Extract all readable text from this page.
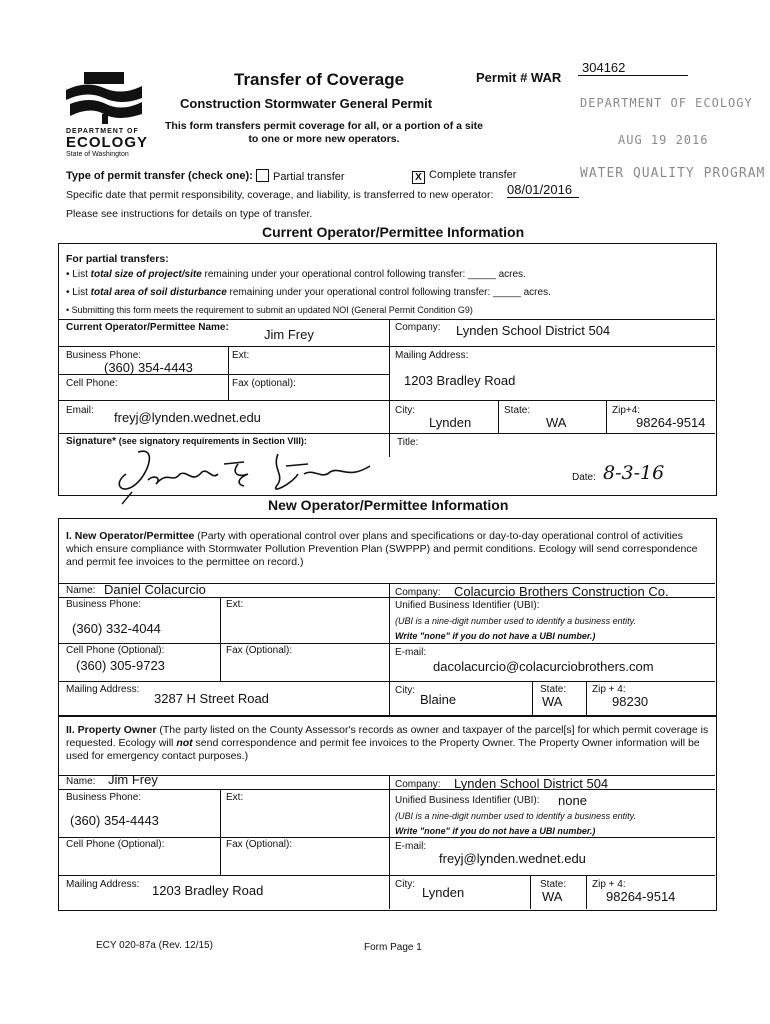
DEPARTMENT OF
ECOLOGY
State of Washington
Transfer of Coverage	Permit # WAR
304162
Construction Stormwater General Permit
This form transfers permit coverage for all, or a portion of a site to one or more new operators.
DEPARTMENT OF ECOLOGY
AUG 19 2016
WATER QUALITY PROGRAM
Type of permit transfer (check one):	Partial transfer	X Complete transfer
Specific date that permit responsibility, coverage, and liability, is transferred to new operator: 08/01/2016
Please see instructions for details on type of transfer.
Current Operator/Permittee Information
For partial transfers:
• List total size of project/site remaining under your operational control following transfer: _____ acres.
• List total area of soil disturbance remaining under your operational control following transfer: _____ acres.
• Submitting this form meets the requirement to submit an updated NOI (General Permit Condition G9)
Current Operator/Permittee Name:	Jim Frey	Company: Lynden School District 504
Business Phone:
(360) 354-4443
Ext:	Mailing Address:
1203 Bradley Road
Cell Phone:	Fax (optional):
Email: freyj@lynden.wednet.edu	City:
Lynden
State:
WA
Zip+4:
98264-9514
Signature* (see signatory requirements in Section VIII):	Title:
Date: 8-3-16
New Operator/Permittee Information
I. New Operator/Permittee (Party with operational control over plans and specifications or day-to-day operational control of activities which ensure compliance with Stormwater Pollution Prevention Plan (SWPPP) and permit conditions. Ecology will send correspondence and permit fee invoices to the permittee on record.)
Name: Daniel Colacurcio	Company: Colacurcio Brothers Construction Co.
Business Phone:
(360) 332-4044
Ext:	Unified Business Identifier (UBI):
(UBI is a nine-digit number used to identify a business entity.
Write "none" if you do not have a UBI number.)
Cell Phone (Optional):
(360) 305-9723
Fax (Optional):	E-mail:
dacolacurcio@colacurciobrothers.com
Mailing Address:
3287 H Street Road
City:
Blaine
State:
WA
Zip + 4:
98230
II. Property Owner (The party listed on the County Assessor's records as owner and taxpayer of the parcel[s] for which permit coverage is requested. Ecology will not send correspondence and permit fee invoices to the Property Owner. The Property Owner information will be used for emergency contact purposes.)
Name: Jim Frey	Company: Lynden School District 504
Business Phone:
(360) 354-4443
Ext:	Unified Business Identifier (UBI): none
(UBI is a nine-digit number used to identify a business entity.
Write "none" if you do not have a UBI number.)
Cell Phone (Optional):	Fax (Optional):	E-mail:
freyj@lynden.wednet.edu
Mailing Address: 1203 Bradley Road	City:
Lynden
State:
WA
Zip + 4:
98264-9514
ECY 020-87a (Rev. 12/15)	Form Page 1
